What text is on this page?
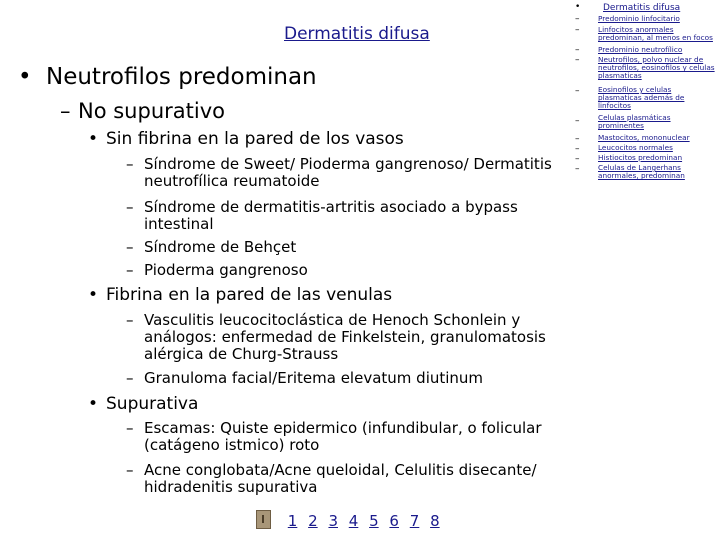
Dermatitis difusa
• Neutrofilos predominan
– No supurativo
• Sin fibrina en la pared de los vasos
– Síndrome de Sweet/ Pioderma gangrenoso/ Dermatitis neutrofílica reumatoide
– Síndrome de dermatitis-artritis asociado a bypass intestinal
– Síndrome de Behçet
– Pioderma gangrenoso
• Fibrina en la pared de las venulas
– Vasculitis leucocitoclástica de Henoch Schonlein y análogos: enfermedad de Finkelstein, granulomatosis alérgica de Churg-Strauss
– Granuloma facial/Eritema elevatum diutinum
• Supurativa
– Escamas: Quiste epidermico (infundibular, o folicular (catágeno istmico) roto
– Acne conglobata/Acne queloidal, Celulitis disecante/ hidradenitis supurativa
•	Dermatitis difusa
–	Predominio linfocitario
–	Linfocitos anormales predominan, al menos en focos
–	Predominio neutrofílico
–	Neutrofilos, polvo nuclear de neutrofilos, eosinofilos y celulas plasmaticas
–	Eosinofilos y celulas plasmaticas además de linfocitos
–	Celulas plasmáticas prominentes
–	Mastocitos, mononuclear
–	Leucocitos normales
–	Histiocitos predominan
–	Celulas de Langerhans anormales, predominan
1 2 3 4 5 6 7 8
